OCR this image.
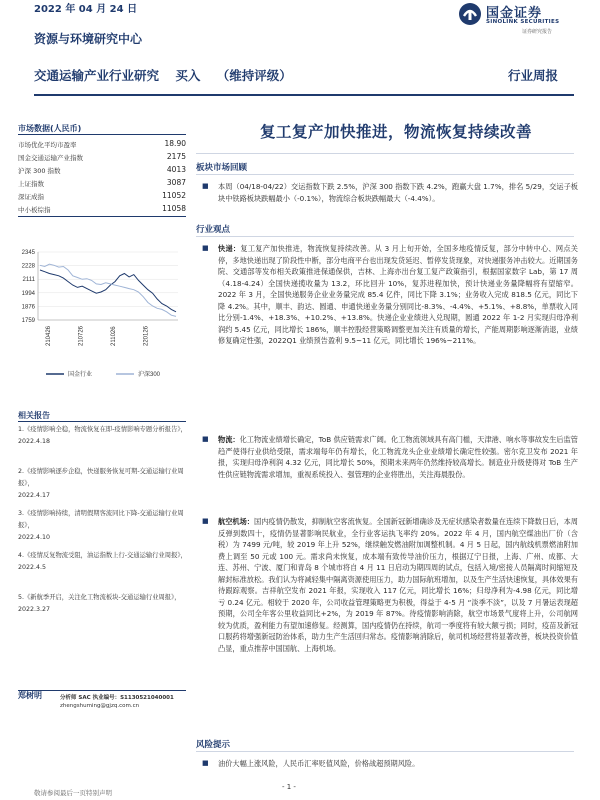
2022 年 04 月 24 日	国金证券
SINOLINK SECURITIES
证券研究报告
资源与环境研究中心
交通运输产业行业研究 买入 （维持评级）	行业周报
市场数据(人民币)
市场优化平均市盈率	18.90
国金交通运输产业指数	2175
沪深 300 指数	4013
上证指数	3087
深证成指	11052
中小板综指	11058
2345
2228
2111
1994
1876
1759
210426	210726	211026	220126
国金行业	沪深300
相关报告
1.《疫情影响全稳，物流恢复在即-疫情影响专题分析报告》，
2022.4.18
2.《疫情影响逐步企稳，快递服务恢复可期-交通运输行业周报》，
2022.4.17
3.《疫情影响持续，清明假期客流同比下降-交通运输行业周报》，
2022.4.10
4.《疫情反复物流受阻，油运指数上行-交通运输行业周报》，
2022.4.5
5.《新航季开启，关注化工物流板块-交通运输行业周报》，
2022.3.27
郑树明	分析师 SAC 执业编号：S1130521040001
zhengshuming@gjzq.com.cn
复工复产加快推进，物流恢复持续改善
板块市场回顾
■ 本周（04/18-04/22）交运指数下跌 2.5%，沪深 300 指数下跌 4.2%，跑赢大盘 1.7%，排名 5/29，交运子板块中铁路板块跌幅最小（-0.1%），物流综合板块跌幅最大（-4.4%）。
行业观点
■ 快递：复工复产加快推进，物流恢复持续改善。从 3 月上旬开始，全国多地疫情反复，部分中转中心、网点关停，多地快递出现了阶段性中断，部分电商平台也出现发货延迟、暂停发货现象，对快递服务冲击较大。近期国务院、交通部等发布相关政策推进保通保供，吉林、上海亦出台复工复产政策指引，根据国家数字 Lab，第 17 周（4.18-4.24）全国快递揽收量为 13.2，环比回升 10%，复苏进程加快，预计快递业务量降幅将有望缩窄。2022 年 3 月，全国快递服务企业业务量完成 85.4 亿件，同比下降 3.1%；业务收入完成 818.5 亿元，同比下降 4.2%。其中，顺丰、韵达、圆通、申通快递业务量分别同比-8.3%、-4.4%、+5.1%、+8.8%，单票收入同比分别-1.4%、+18.3%、+10.2%、+13.8%。快递企业业绩进入兑现期，圆通 2022 年 1-2 月实现归母净利润约 5.45 亿元，同比增长 186%，顺丰控股经营策略调整更加关注有质量的增长，产能周期影响逐渐消退，业绩修复确定性强，2022Q1 业绩预告盈利 9.5~11 亿元，同比增长 196%~211%。
■ 物流：化工物流业绩增长确定，ToB 供应链需求广阔。化工物流领域具有高门槛，天津港、响水等事故发生后监管趋严使得行业供给受限，需求端每年仍有增长，化工物流龙头企业业绩增长确定性较强。密尔克卫发布 2021 年报，实现归母净利润 4.32 亿元，同比增长 50%，预期未来两年仍然维持较高增长。制造业升级使得对 ToB 生产性供应链物流需求增加，重视系统投入、强管理的企业将胜出，关注海晨股份。
■ 航空机场：国内疫情仍散发，抑制航空客流恢复。全国新冠新增确诊及无症状感染者数量在连续下降数日后，本周反弹到数四十，疫情仍显著影响民航业，全行业客运执飞率约 20%。2022 年 4 月，国内航空煤油出厂价（含税）为 7499 元/吨，较 2019 年上升 52%，继续触发燃油附加调整机制。4 月 5 日起，国内航线机票燃油附加费上调至 50 元或 100 元。需求尚未恢复，成本端有致传导油价压力，根据辽宁日报，上海、广州、成都、大连、苏州、宁波、厦门和青岛 8 个城市将自 4 月 11 日启动为期四周的试点，包括入境/密接人员隔离时间缩短及解封标准放松。我们认为将减轻集中隔离资源使用压力，助力国际航班增加，以及生产生活快速恢复，具体效果有待跟踪观察。吉祥航空发布 2021 年报，实现收入 117 亿元，同比增长 16%；归母净利为-4.98 亿元，同比增亏 0.24 亿元。相较于 2020 年，公司收益管理策略更为积极，得益于 4-5 月 “淡季不淡”，以及 7 月暑运表现超预期，公司全年客公里收益同比+2%，为 2019 年 87%。待疫情影响消除，航空市场景气度将上升，公司航网较为优质，盈利能力有望加速修复。经测算，国内疫情仍在持续，航司一季度将有较大额亏损；同时，疫苗及新冠口服药将增强新冠防治体系，助力生产生活回归常态。疫情影响消除后，航司机场经营将显著改善，板块投资价值凸显，重点推荐中国国航、上海机场。
风险提示
■ 油价大幅上涨风险，人民币汇率贬值风险，价格战超预期风险。
- 1 -
敬请参阅最后一页特别声明
